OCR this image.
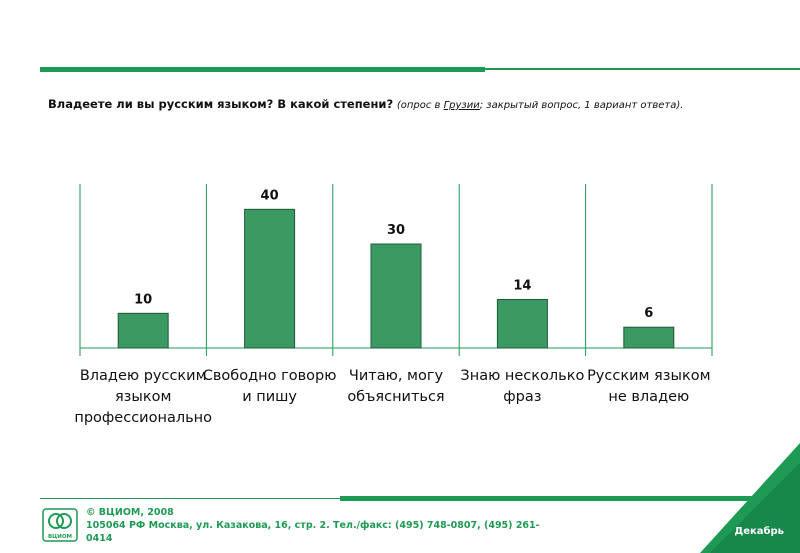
Владеете ли вы русским языком? В какой степени? (опрос в Грузии; закрытый вопрос, 1 вариант ответа).
10
40
30
14
6
Владею русским
языком
профессионально
Свободно говорю
и пишу
Читаю, могу
объясниться
Знаю несколько
фраз
Русским языком
не владею
ВЦИОМ
© ВЦИОМ, 2008
105064 РФ Москва, ул. Казакова, 16, стр. 2. Тел./факс: (495) 748-0807, (495) 261-
0414
Декабрь
